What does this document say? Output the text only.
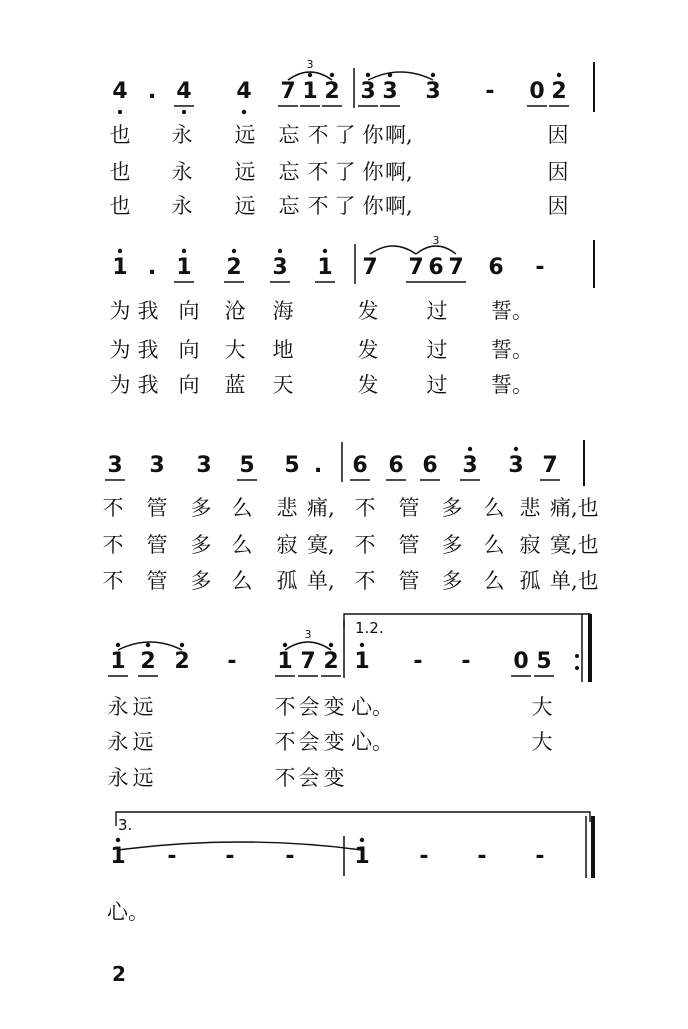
3
3
3
4 . 4 4 7 1 2 3 3 3	-	0 2
1 . 1 2 3 1 7 7 6 7 6	-
3 3 3 5 5 .	6 6 6 3 3 7
1 2 2	-	1 7 2 1	-	-	0 5
1	-	-	-	1	-	-	-
也 永 远 忘 不 了 你 啊,	因
也 永 远 忘 不 了 你 啊,	因
也 永 远 忘 不 了 你 啊,	因
为 我 向 沧 海	发 过 誓。
为 我 向 大 地	发 过 誓。
为 我 向 蓝 天	发 过 誓。
不 管 多 么 悲 痛, 不 管 多 么 悲 痛,也
不 管 多 么 寂 寞, 不 管 多 么 寂 寞,也
不 管 多 么 孤 单, 不 管 多 么 孤 单,也
永 远	不 会 变 心。	大
永 远	不 会 变 心。	大
永 远	不 会 变
心。
1.2.
3.
2
